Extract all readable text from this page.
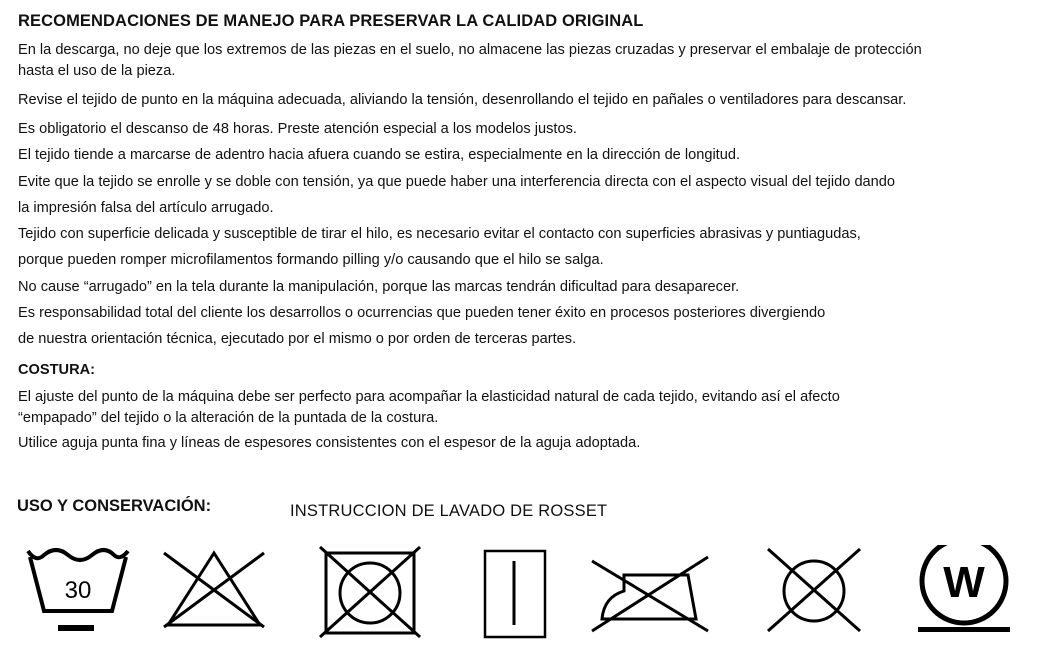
RECOMENDACIONES DE MANEJO PARA PRESERVAR LA CALIDAD ORIGINAL

En la descarga, no deje que los extremos de las piezas en el suelo, no almacene las piezas cruzadas y preservar el embalaje de protección hasta el uso de la pieza.

Revise el tejido de punto en la máquina adecuada, aliviando la tensión, desenrollando el tejido en pañales o ventiladores para descansar.

Es obligatorio el descanso de 48 horas. Preste atención especial a los modelos justos.

El tejido tiende a marcarse de adentro hacia afuera cuando se estira, especialmente en la dirección de longitud.

Evite que la tejido se enrolle y se doble con tensión, ya que puede haber una interferencia directa con el aspecto visual del tejido dando

la impresión falsa del artículo arrugado.

Tejido con superficie delicada y susceptible de tirar el hilo, es necesario evitar el contacto con superficies abrasivas y puntiagudas,

porque pueden romper microfilamentos formando pilling y/o causando que el hilo se salga.

No cause “arrugado” en la tela durante la manipulación, porque las marcas tendrán dificultad para desaparecer.

Es responsabilidad total del cliente los desarrollos o ocurrencias que pueden tener éxito en procesos posteriores divergiendo

de nuestra orientación técnica, ejecutado por el mismo o por orden de terceras partes.

COSTURA:

El ajuste del punto de la máquina debe ser perfecto para acompañar la elasticidad natural de cada tejido, evitando así el afecto “empapado” del tejido o la alteración de la puntada de la costura.

Utilice aguja punta fina y líneas de espesores consistentes con el espesor de la aguja adoptada.

USO Y CONSERVACIÓN:	INSTRUCCION DE LAVADO DE ROSSET
30	W
